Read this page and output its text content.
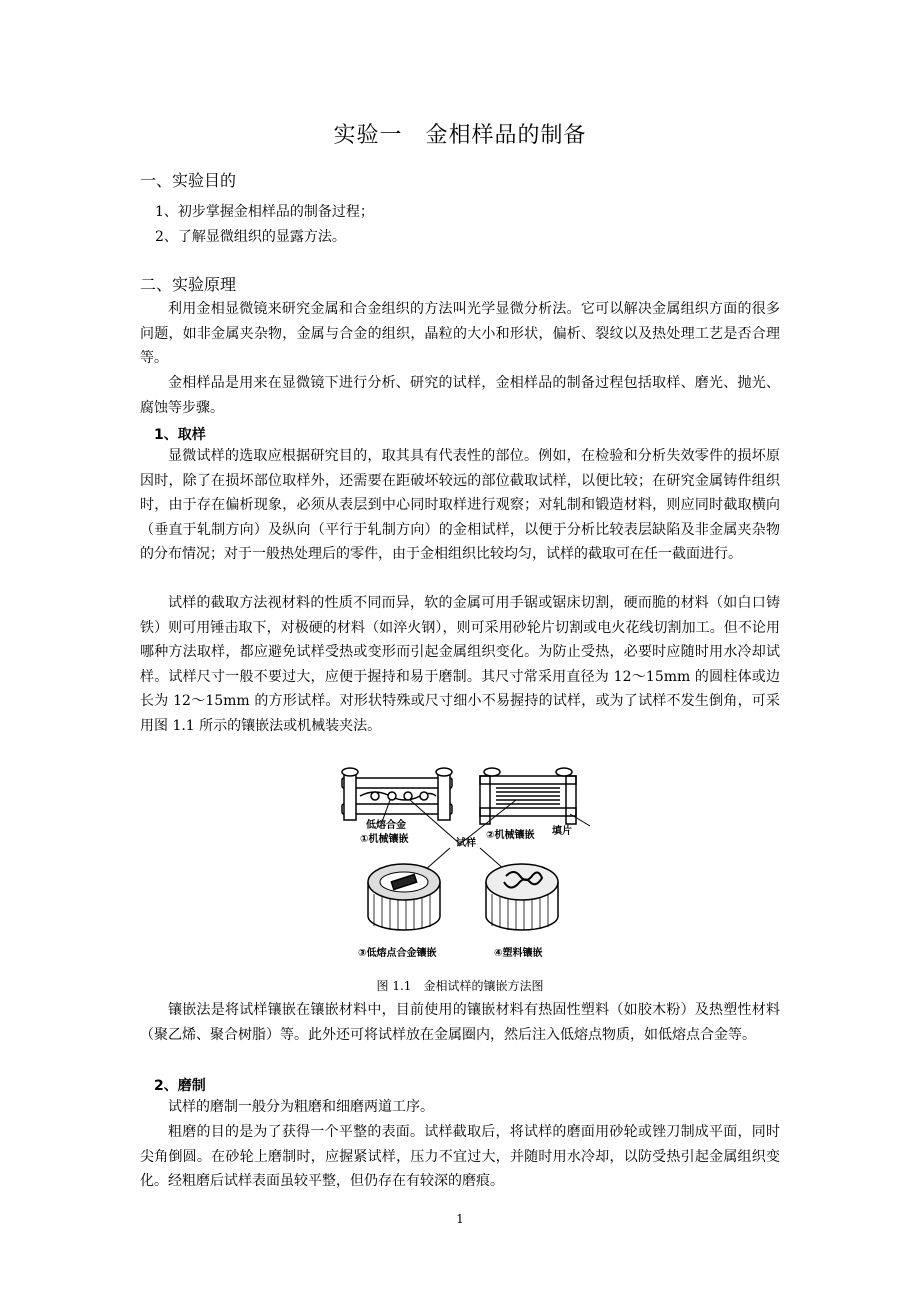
实验一　金相样品的制备
一、实验目的
1、初步掌握金相样品的制备过程；
2、了解显微组织的显露方法。
二、实验原理

利用金相显微镜来研究金属和合金组织的方法叫光学显微分析法。它可以解决金属组织方面的很多问题，如非金属夹杂物，金属与合金的组织，晶粒的大小和形状，偏析、裂纹以及热处理工艺是否合理等。

金相样品是用来在显微镜下进行分析、研究的试样，金相样品的制备过程包括取样、磨光、抛光、腐蚀等步骤。

1、取样

显微试样的选取应根据研究目的，取其具有代表性的部位。例如，在检验和分析失效零件的损坏原因时，除了在损坏部位取样外，还需要在距破坏较远的部位截取试样，以便比较；在研究金属铸件组织时，由于存在偏析现象，必须从表层到中心同时取样进行观察；对轧制和锻造材料，则应同时截取横向（垂直于轧制方向）及纵向（平行于轧制方向）的金相试样，以便于分析比较表层缺陷及非金属夹杂物的分布情况；对于一般热处理后的零件，由于金相组织比较均匀，试样的截取可在任一截面进行。

试样的截取方法视材料的性质不同而异，软的金属可用手锯或锯床切割，硬而脆的材料（如白口铸铁）则可用锤击取下，对极硬的材料（如淬火钢），则可采用砂轮片切割或电火花线切割加工。但不论用哪种方法取样，都应避免试样受热或变形而引起金属组织变化。为防止受热，必要时应随时用水冷却试样。试样尺寸一般不要过大，应便于握持和易于磨制。其尺寸常采用直径为 12～15mm 的圆柱体或边长为 12～15mm 的方形试样。对形状特殊或尺寸细小不易握持的试样，或为了试样不发生倒角，可采用图 1.1 所示的镶嵌法或机械装夹法。

低熔合金
①机械镶嵌	②机械镶嵌 填片
试样
③低熔点合金镶嵌	④塑料镶嵌
图 1.1　金相试样的镶嵌方法图

镶嵌法是将试样镶嵌在镶嵌材料中，目前使用的镶嵌材料有热固性塑料（如胶木粉）及热塑性材料（聚乙烯、聚合树脂）等。此外还可将试样放在金属圈内，然后注入低熔点物质，如低熔点合金等。

2、磨制

试样的磨制一般分为粗磨和细磨两道工序。

粗磨的目的是为了获得一个平整的表面。试样截取后，将试样的磨面用砂轮或锉刀制成平面，同时尖角倒圆。在砂轮上磨制时，应握紧试样，压力不宜过大，并随时用水冷却，以防受热引起金属组织变化。经粗磨后试样表面虽较平整，但仍存在有较深的磨痕。

1
